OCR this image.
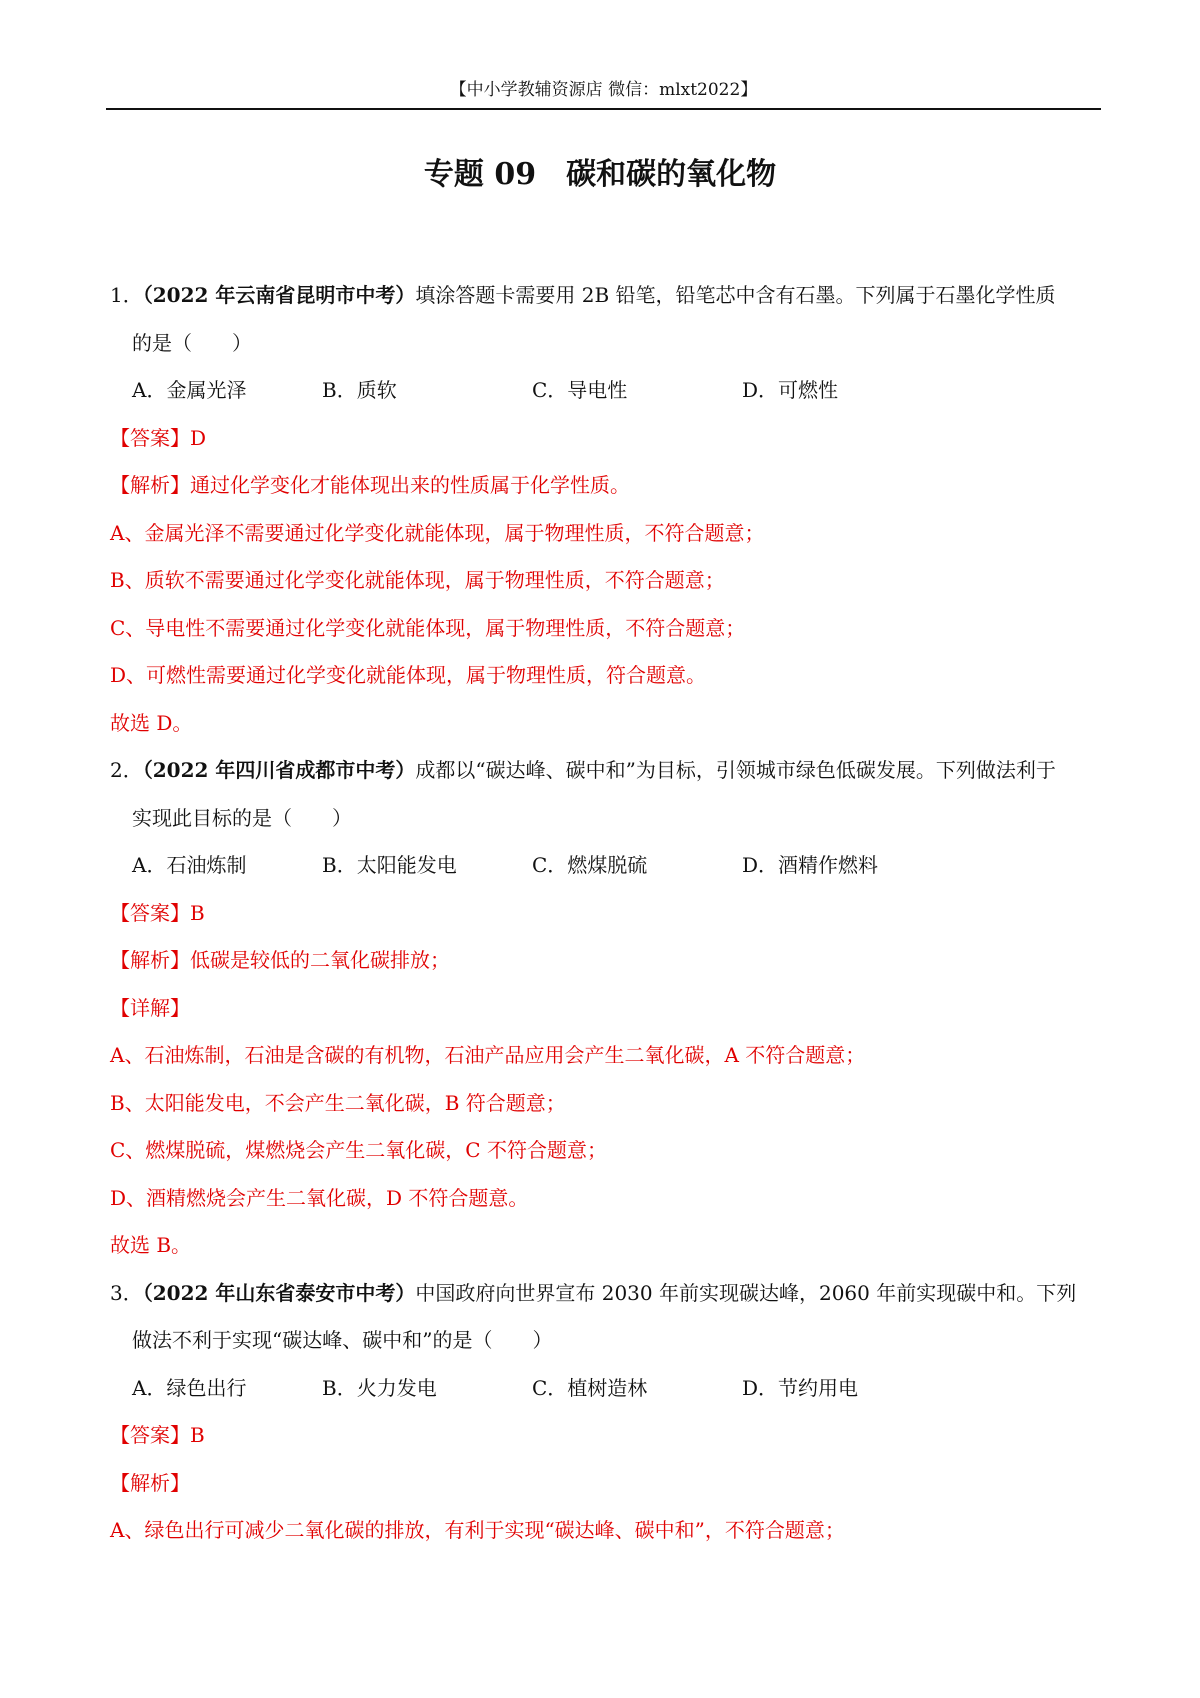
【中小学教辅资源店 微信：mlxt2022】
专题 09　碳和碳的氧化物
1．（2022 年云南省昆明市中考）填涂答题卡需要用 2B 铅笔，铅笔芯中含有石墨。下列属于石墨化学性质
的是（　　）
A．金属光泽	B．质软	C．导电性	D．可燃性
【答案】D
【解析】通过化学变化才能体现出来的性质属于化学性质。
A、金属光泽不需要通过化学变化就能体现，属于物理性质，不符合题意；
B、质软不需要通过化学变化就能体现，属于物理性质，不符合题意；
C、导电性不需要通过化学变化就能体现，属于物理性质，不符合题意；
D、可燃性需要通过化学变化就能体现，属于物理性质，符合题意。
故选 D。
2．（2022 年四川省成都市中考）成都以“碳达峰、碳中和”为目标，引领城市绿色低碳发展。下列做法利于
实现此目标的是（　　）
A．石油炼制	B．太阳能发电	C．燃煤脱硫	D．酒精作燃料
【答案】B
【解析】低碳是较低的二氧化碳排放；
【详解】
A、石油炼制，石油是含碳的有机物，石油产品应用会产生二氧化碳，A 不符合题意；
B、太阳能发电，不会产生二氧化碳，B 符合题意；
C、燃煤脱硫，煤燃烧会产生二氧化碳，C 不符合题意；
D、酒精燃烧会产生二氧化碳，D 不符合题意。
故选 B。
3．（2022 年山东省泰安市中考）中国政府向世界宣布 2030 年前实现碳达峰，2060 年前实现碳中和。下列
做法不利于实现“碳达峰、碳中和”的是（　　）
A．绿色出行	B．火力发电	C．植树造林	D．节约用电
【答案】B
【解析】
A、绿色出行可减少二氧化碳的排放，有利于实现“碳达峰、碳中和”，不符合题意；
